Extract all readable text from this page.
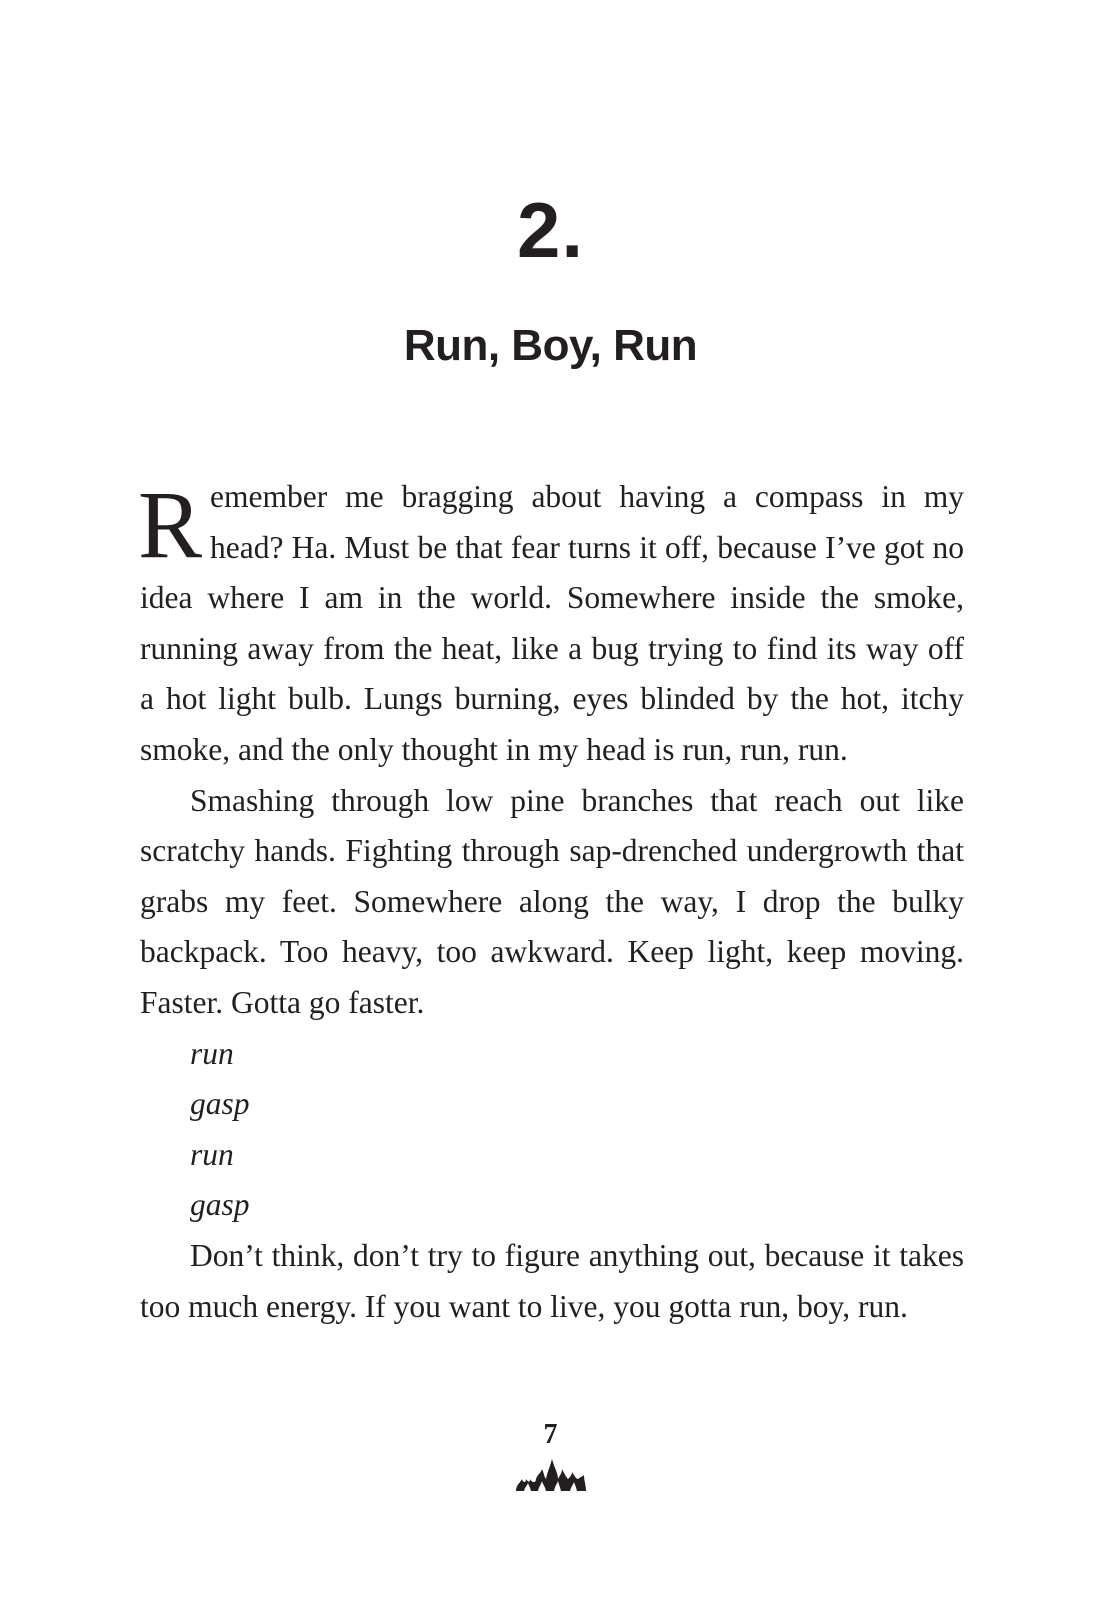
2.
Run, Boy, Run

Remember me bragging about having a compass in my head? Ha. Must be that fear turns it off, because I’ve got no idea where I am in the world. Somewhere inside the smoke, running away from the heat, like a bug trying to find its way off a hot light bulb. Lungs burning, eyes blinded by the hot, itchy smoke, and the only thought in my head is run, run, run.

Smashing through low pine branches that reach out like scratchy hands. Fighting through sap-drenched undergrowth that grabs my feet. Somewhere along the way, I drop the bulky backpack. Too heavy, too awkward. Keep light, keep moving. Faster. Gotta go faster.

run

gasp

run

gasp

Don’t think, don’t try to figure anything out, because it takes too much energy. If you want to live, you gotta run, boy, run.

7
